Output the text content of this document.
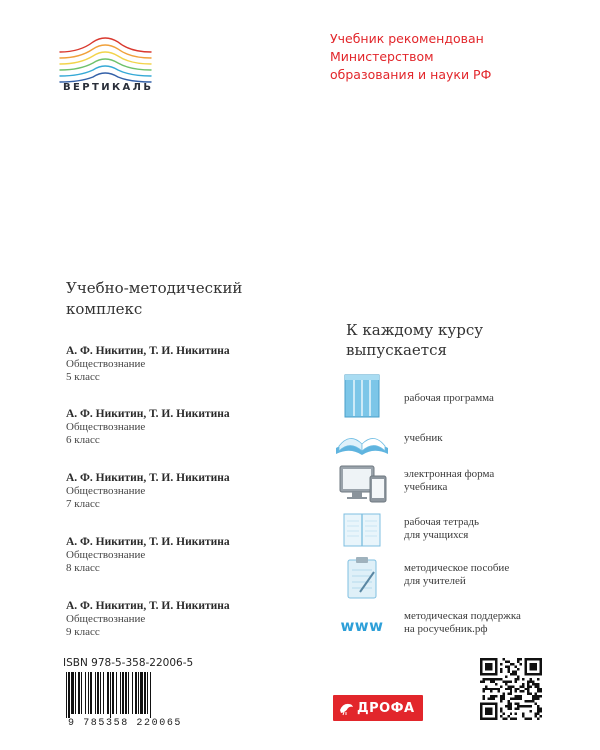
ВЕРТИКАЛЬ
Учебник рекомендован
Министерством
образования и науки РФ
Учебно-методический
комплекс
А. Ф. Никитин, Т. И. Никитина
Обществознание
5 класс
А. Ф. Никитин, Т. И. Никитина
Обществознание
6 класс
А. Ф. Никитин, Т. И. Никитина
Обществознание
7 класс
А. Ф. Никитин, Т. И. Никитина
Обществознание
8 класс
А. Ф. Никитин, Т. И. Никитина
Обществознание
9 класс
К каждому курсу
выпускается
рабочая программа
учебник
электронная форма
учебника
рабочая тетрадь
для учащихся
методическое пособие
для учителей
www
методическая поддержка
на росучебник.рф
ISBN 978-5-358-22006-5
9 785358 220065
ДРОФА
